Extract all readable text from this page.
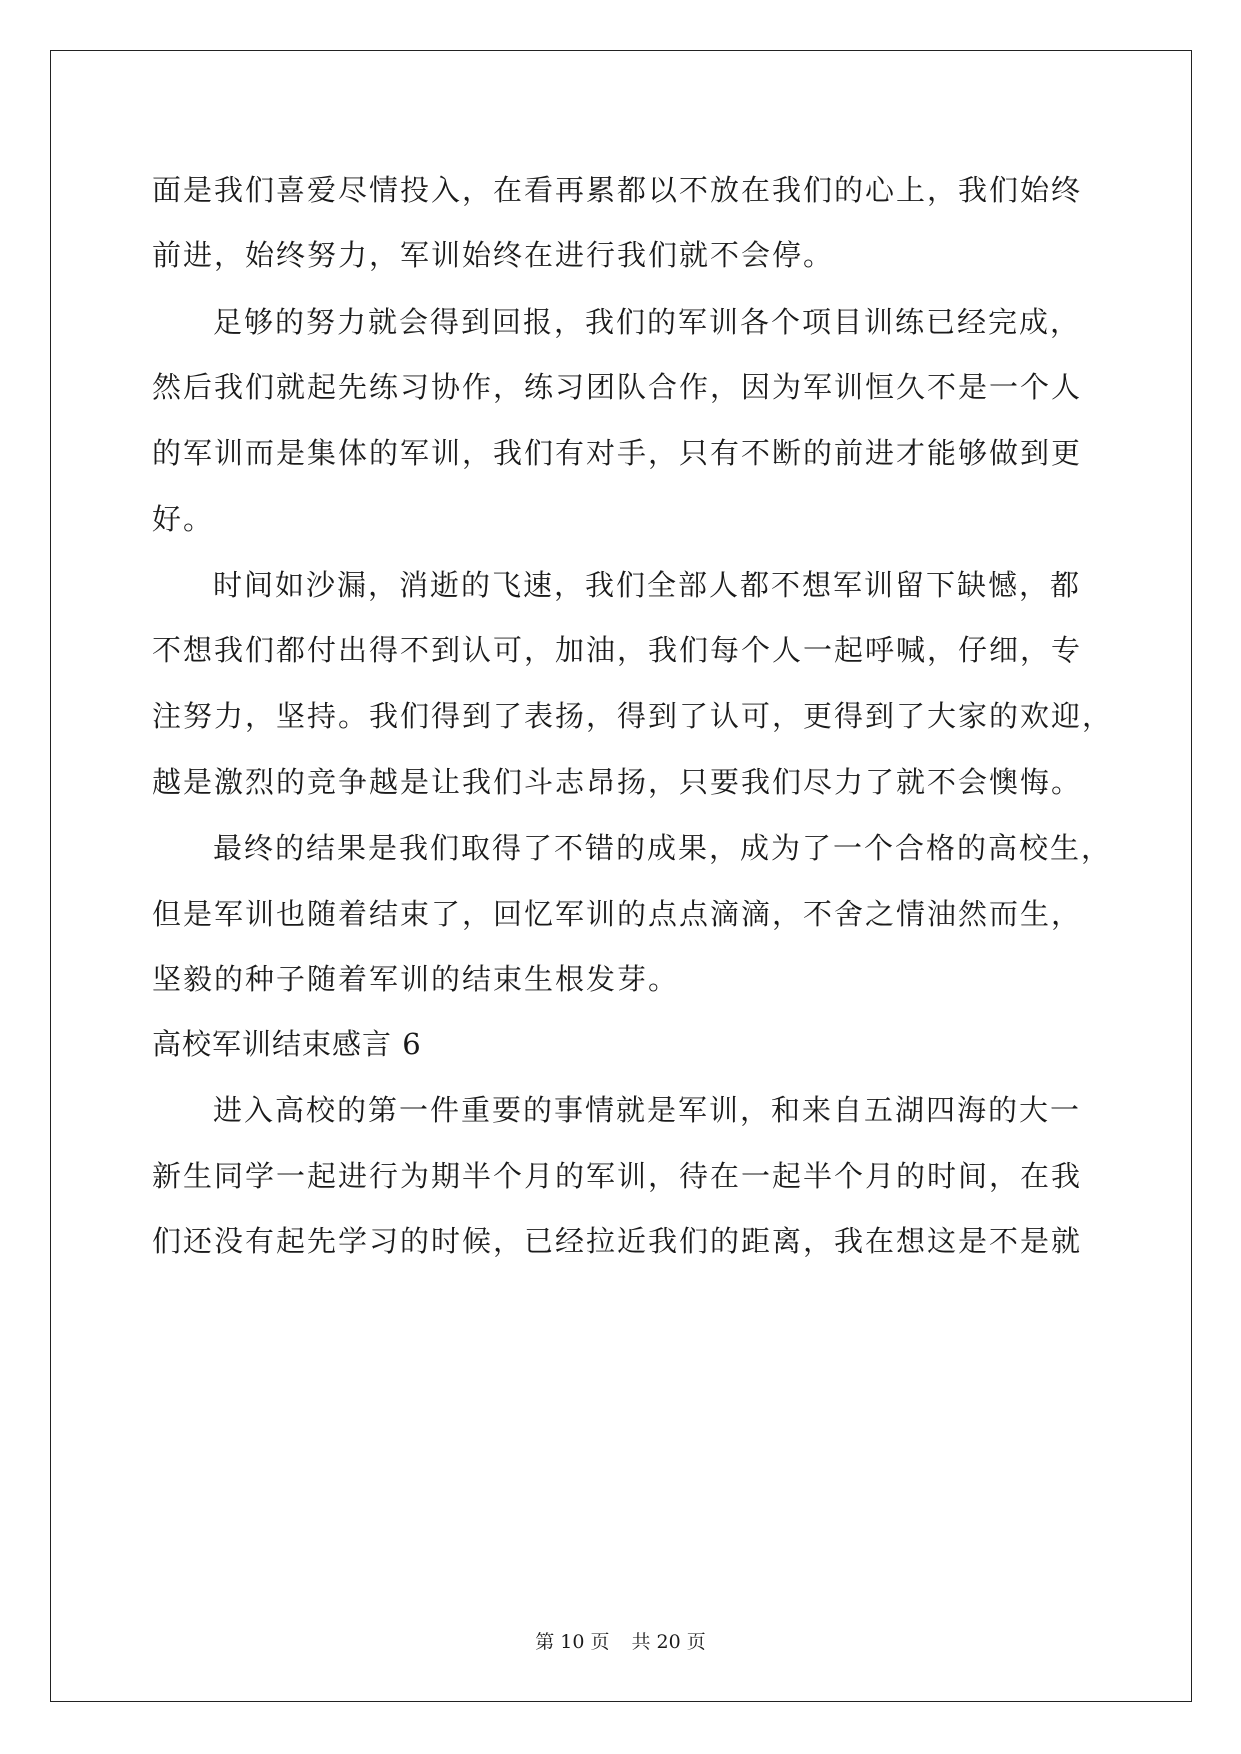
面是我们喜爱尽情投入，在看再累都以不放在我们的心上，我们始终
前进，始终努力，军训始终在进行我们就不会停。
足够的努力就会得到回报，我们的军训各个项目训练已经完成，
然后我们就起先练习协作，练习团队合作，因为军训恒久不是一个人
的军训而是集体的军训，我们有对手，只有不断的前进才能够做到更
好。
时间如沙漏，消逝的飞速，我们全部人都不想军训留下缺憾，都
不想我们都付出得不到认可，加油，我们每个人一起呼喊，仔细，专
注努力，坚持。我们得到了表扬，得到了认可，更得到了大家的欢迎，
越是激烈的竞争越是让我们斗志昂扬，只要我们尽力了就不会懊悔。
最终的结果是我们取得了不错的成果，成为了一个合格的高校生，
但是军训也随着结束了，回忆军训的点点滴滴，不舍之情油然而生，
坚毅的种子随着军训的结束生根发芽。
高校军训结束感言 6
进入高校的第一件重要的事情就是军训，和来自五湖四海的大一
新生同学一起进行为期半个月的军训，待在一起半个月的时间，在我
们还没有起先学习的时候，已经拉近我们的距离，我在想这是不是就
第 10 页 共 20 页
